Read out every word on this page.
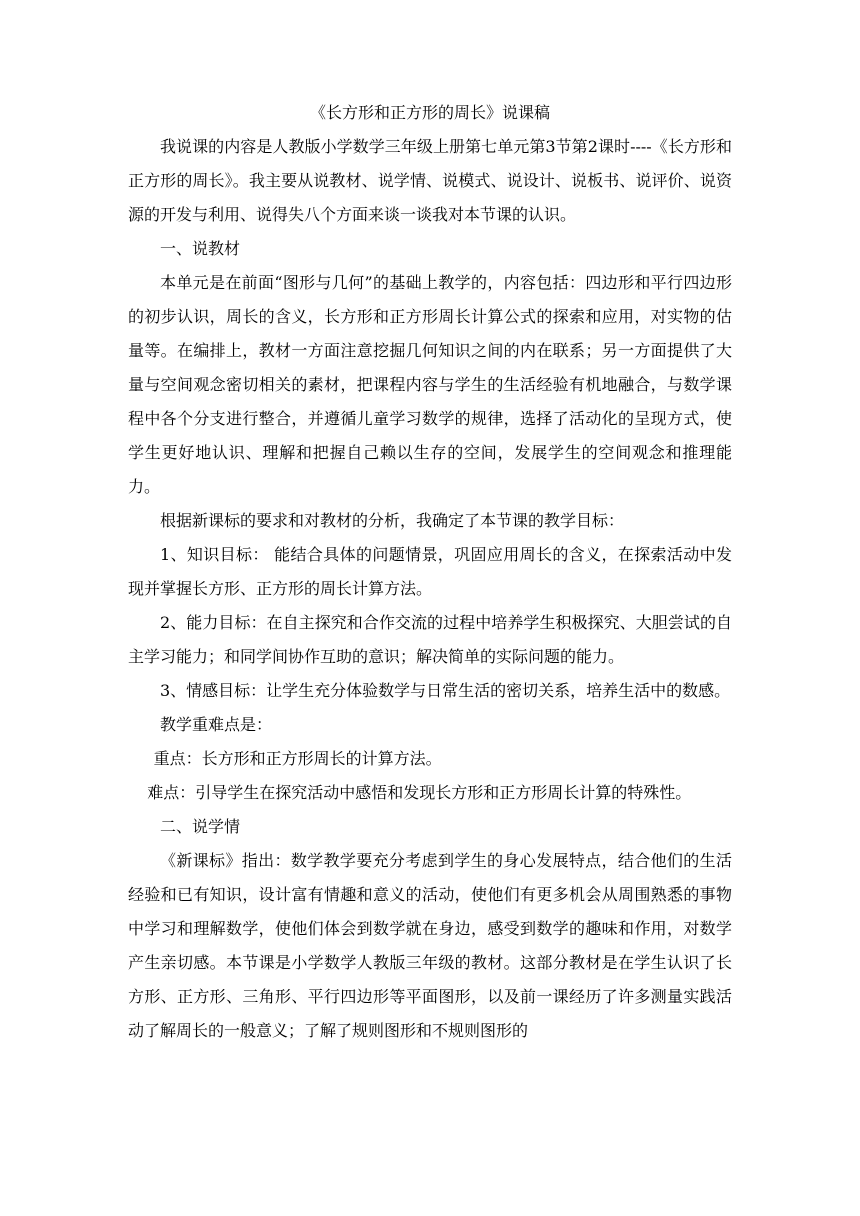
《长方形和正方形的周长》说课稿

我说课的内容是人教版小学数学三年级上册第七单元第3节第2课时----《长方形和正方形的周长》。我主要从说教材、说学情、说模式、说设计、说板书、说评价、说资源的开发与利用、说得失八个方面来谈一谈我对本节课的认识。

一、说教材

本单元是在前面“图形与几何”的基础上教学的，内容包括：四边形和平行四边形的初步认识，周长的含义，长方形和正方形周长计算公式的探索和应用，对实物的估量等。在编排上，教材一方面注意挖掘几何知识之间的内在联系；另一方面提供了大量与空间观念密切相关的素材，把课程内容与学生的生活经验有机地融合，与数学课程中各个分支进行整合，并遵循儿童学习数学的规律，选择了活动化的呈现方式，使学生更好地认识、理解和把握自己赖以生存的空间，发展学生的空间观念和推理能力。

根据新课标的要求和对教材的分析，我确定了本节课的教学目标：

1、知识目标： 能结合具体的问题情景，巩固应用周长的含义，在探索活动中发现并掌握长方形、正方形的周长计算方法。

2、能力目标：在自主探究和合作交流的过程中培养学生积极探究、大胆尝试的自主学习能力；和同学间协作互助的意识；解决简单的实际问题的能力。

3、情感目标：让学生充分体验数学与日常生活的密切关系，培养生活中的数感。

教学重难点是：

重点：长方形和正方形周长的计算方法。

难点：引导学生在探究活动中感悟和发现长方形和正方形周长计算的特殊性。

二、说学情

《新课标》指出：数学教学要充分考虑到学生的身心发展特点，结合他们的生活经验和已有知识，设计富有情趣和意义的活动，使他们有更多机会从周围熟悉的事物中学习和理解数学，使他们体会到数学就在身边，感受到数学的趣味和作用，对数学产生亲切感。本节课是小学数学人教版三年级的教材。这部分教材是在学生认识了长方形、正方形、三角形、平行四边形等平面图形，以及前一课经历了许多测量实践活动了解周长的一般意义；了解了规则图形和不规则图形的
